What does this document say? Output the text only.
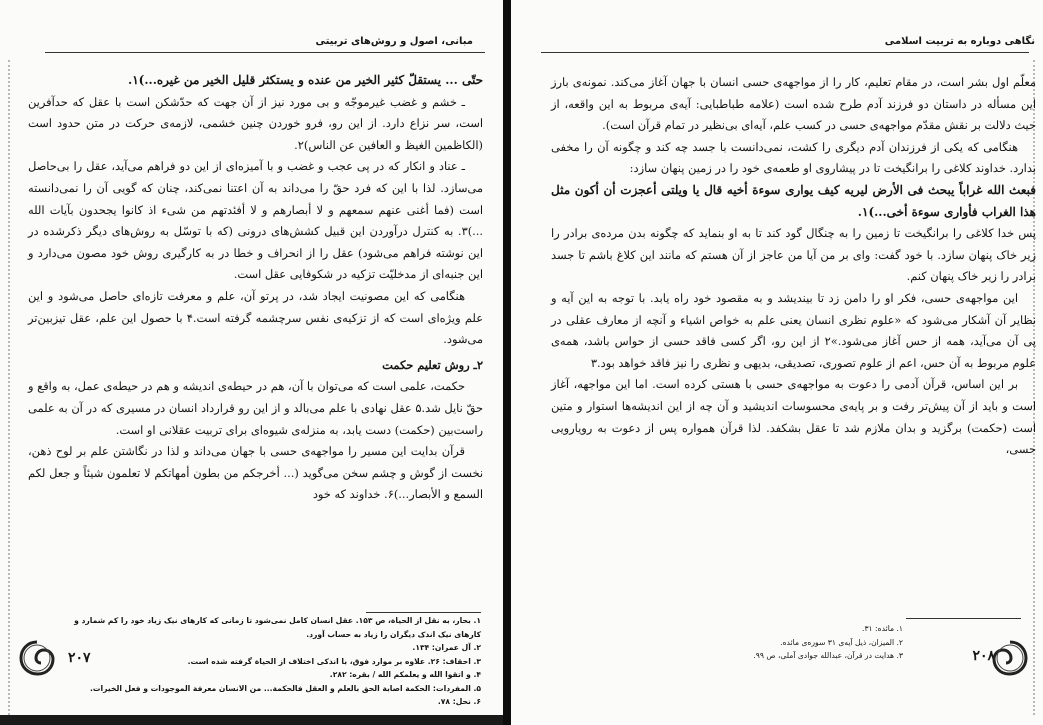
مبانی، اصول و روش‌های تربیتی

حتّی ... یستقلّ کثیر الخیر من عنده و یستکثر قلیل الخیر من غیره...)۱.

ـ خشم و غضب غیرموجّه و بی مورد نیز از آن جهت که حدّشکن است با عقل که حدآفرین است، سر نزاع دارد. از این رو، فرو خوردن چنین خشمی، لازمه‌ی حرکت در متن حدود است (الکاظمین الغیظ و العافین عن الناس)۲.

ـ عناد و انکار که در پی عجب و غضب و با آمیزه‌ای از این دو فراهم می‌آید، عقل را بی‌حاصل می‌سازد. لذا با این که فرد حقّ را می‌داند به آن اعتنا نمی‌کند، چنان که گویی آن را نمی‌دانسته است (فما أغنی عنهم سمعهم و لا أبصارهم و لا أفئدتهم من شیء اذ کانوا یجحدون بآیات الله ...)۳. به کنترل درآوردن این قبیل کشش‌های درونی (که با توسّل به روش‌های دیگر ذکرشده در این نوشته فراهم می‌شود) عقل را از انحراف و خطا در به کارگیری روش خود مصون می‌دارد و این جنبه‌ای از مدخلیّت تزکیه در شکوفایی عقل است.

هنگامی که این مصونیت ایجاد شد، در پرتو آن، علم و معرفت تازه‌ای حاصل می‌شود و این علم ویژه‌ای است که از تزکیه‌ی نفس سرچشمه گرفته است.۴ با حصول این علم، عقل تیزبین‌تر می‌شود.

۲ـ روش تعلیم حکمت

حکمت، علمی است که می‌توان با آن، هم در حیطه‌ی اندیشه و هم در حیطه‌ی عمل، به واقع و حقّ نایل شد.۵ عقل نهادی با علم می‌بالد و از این رو قرارداد انسان در مسیری که در آن به علمی راست‌بین (حکمت) دست یابد، به منزله‌ی شیوه‌ای برای تربیت عقلانی او است.

قرآن بدایت این مسیر را مواجهه‌ی حسی با جهان می‌داند و لذا در نگاشتن علم بر لوح ذهن، نخست از گوش و چشم سخن می‌گوید (... أخرجکم من بطون أمهاتکم لا تعلمون شیئاً و جعل لکم السمع و الأبصار...)۶. خداوند که خود

۱. بحار، به نقل از الحیاة، ص ۱۵۳. عقل انسان کامل نمی‌شود تا زمانی که کارهای نیک زیاد خود را کم شمارد و کارهای نیک اندک دیگران را زیاد به حساب آورد.

۲. آل عمران: ۱۳۴.

۳. احقاف: ۲۶. علاوه بر موارد فوق، با اندکی اختلاف از الحیاة گرفته شده است.

۴. و اتقوا الله و یعلمکم الله / بقره: ۲۸۲.

۵. المفردات: الحکمة اصابة الحق بالعلم و العقل فالحکمة... من الانسان معرفة الموجودات و فعل الخیرات.

۶. نحل: ۷۸.

۲۰۷
نگاهی دوباره به تربیت اسلامی

معلّم اول بشر است، در مقام تعلیم، کار را از مواجهه‌ی حسی انسان با جهان آغاز می‌کند. نمونه‌ی بارز این مسأله در داستان دو فرزند آدم طرح شده است (علامه طباطبایی: آیه‌ی مربوط به این واقعه، از حیث دلالت بر نقش مقدّم مواجهه‌ی حسی در کسب علم، آیه‌ای بی‌نظیر در تمام قرآن است).

هنگامی که یکی از فرزندان آدم دیگری را کشت، نمی‌دانست با جسد چه کند و چگونه آن را مخفی بدارد. خداوند کلاغی را برانگیخت تا در پیشاروی او طعمه‌ی خود را در زمین پنهان سازد:

فبعث الله غراباً یبحث فی الأرض لیریه کیف یواری سوءة أخیه قال یا ویلتی أعجزت أن أکون مثل هذا الغراب فأواری سوءة أخی...)۱.

پس خدا کلاغی را برانگیخت تا زمین را به چنگال گود کند تا به او بنماید که چگونه بدن مرده‌ی برادر را زیر خاک پنهان سازد. با خود گفت: وای بر من آیا من عاجز از آن هستم که مانند این کلاغ باشم تا جسد برادر را زیر خاک پنهان کنم.

این مواجهه‌ی حسی، فکر او را دامن زد تا بیندیشد و به مقصود خود راه یابد. با توجه به این آیه و نظایر آن آشکار می‌شود که «علوم نظری انسان یعنی علم به خواص اشیاء و آنچه از معارف عقلی در پی آن می‌آید، همه از حس آغاز می‌شود.»۲ از این رو، اگر کسی فاقد حسی از حواس باشد، همه‌ی علوم مربوط به آن حس، اعم از علوم تصوری، تصدیقی، بدیهی و نظری را نیز فاقد خواهد بود.۳

بر این اساس، قرآن آدمی را دعوت به مواجهه‌ی حسی با هستی کرده است. اما این مواجهه، آغاز است و باید از آن پیش‌تر رفت و بر پایه‌ی محسوسات اندیشید و آن چه از این اندیشه‌ها استوار و متین است (حکمت) برگزید و بدان ملازم شد تا عقل بشکفد. لذا قرآن همواره پس از دعوت به رویارویی حسی،

۱. مائده: ۳۱.

۲. المیزان، ذیل آیه‌ی ۳۱ سوره‌ی مائده.

۳. هدایت در قرآن، عبدالله جوادی آملی، ص ۹۹.	۲۰۸
